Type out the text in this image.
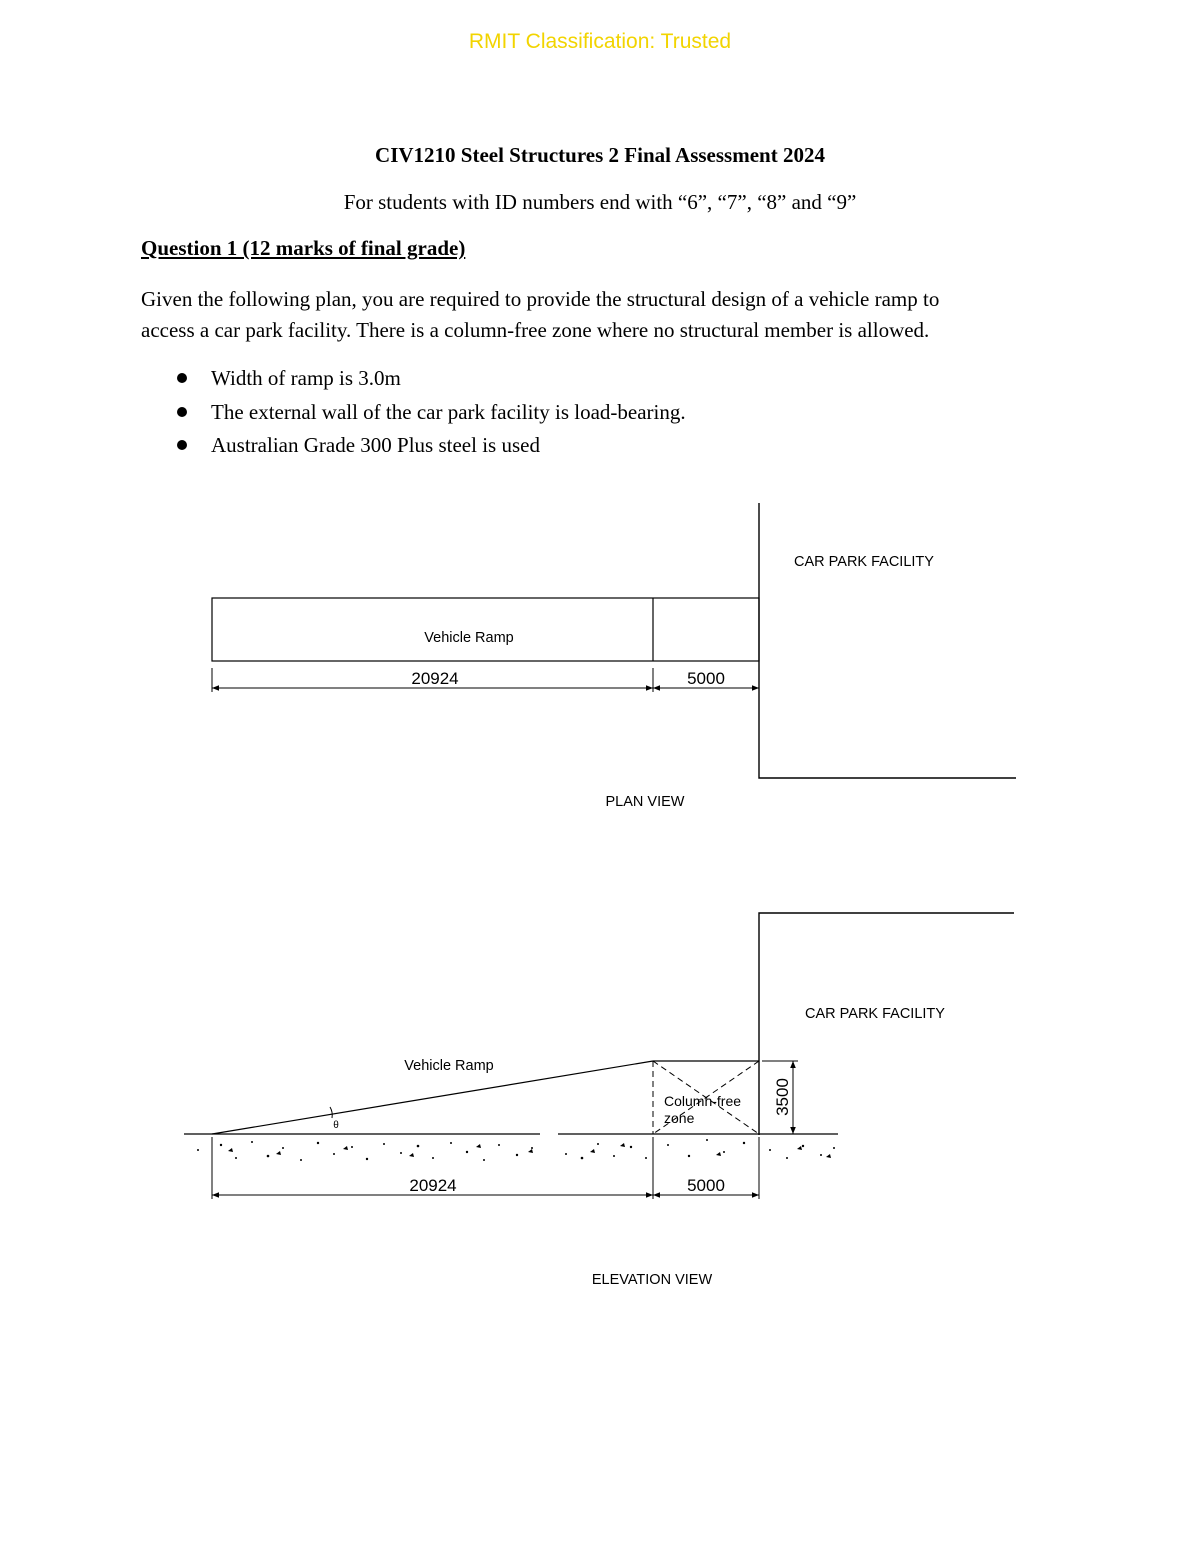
RMIT Classification: Trusted
CIV1210 Steel Structures 2 Final Assessment 2024
For students with ID numbers end with “6”, “7”, “8” and “9”
Question 1 (12 marks of final grade)
Given the following plan, you are required to provide the structural design of a vehicle ramp to
access a car park facility. There is a column-free zone where no structural member is allowed.
Width of ramp is 3.0m
The external wall of the car park facility is load-bearing.
Australian Grade 300 Plus steel is used
CAR PARK FACILITY
Vehicle Ramp
20924	5000
PLAN VIEW
CAR PARK FACILITY
Vehicle Ramp
θ
Column-free
zone
3500
20924	5000
ELEVATION VIEW
